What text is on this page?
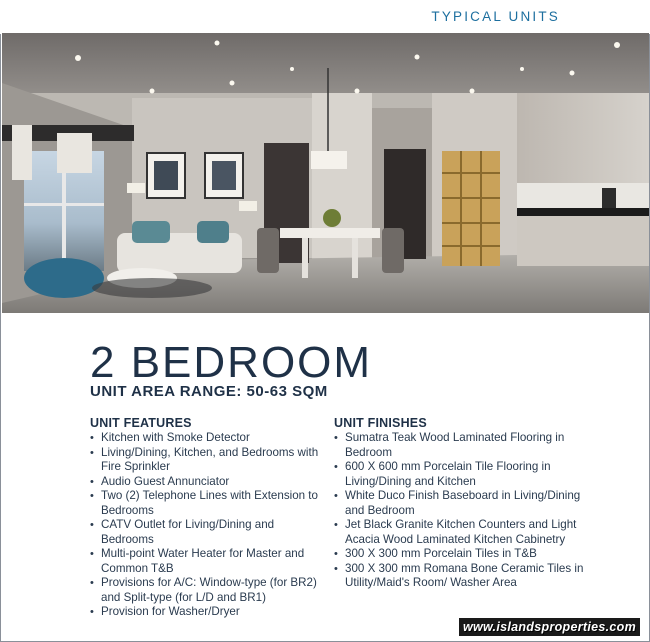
TYPICAL UNITS
2 BEDROOM
UNIT AREA RANGE: 50-63 SQM
UNIT FEATURES
• Kitchen with Smoke Detector
• Living/Dining, Kitchen, and Bedrooms with Fire Sprinkler
• Audio Guest Annunciator
• Two (2) Telephone Lines with Extension to Bedrooms
• CATV Outlet for Living/Dining and Bedrooms
• Multi-point Water Heater for Master and Common T&B
• Provisions for A/C: Window-type (for BR2) and Split-type (for L/D and BR1)
• Provision for Washer/Dryer
UNIT FINISHES
• Sumatra Teak Wood Laminated Flooring in Bedroom
• 600 X 600 mm Porcelain Tile Flooring in Living/Dining and Kitchen
• White Duco Finish Baseboard in Living/Dining and Bedroom
• Jet Black Granite Kitchen Counters and Light Acacia Wood Laminated Kitchen Cabinetry
• 300 X 300 mm Porcelain Tiles in T&B
• 300 X 300 mm Romana Bone Ceramic Tiles in Utility/Maid's Room/ Washer Area
www.islandsproperties.com
